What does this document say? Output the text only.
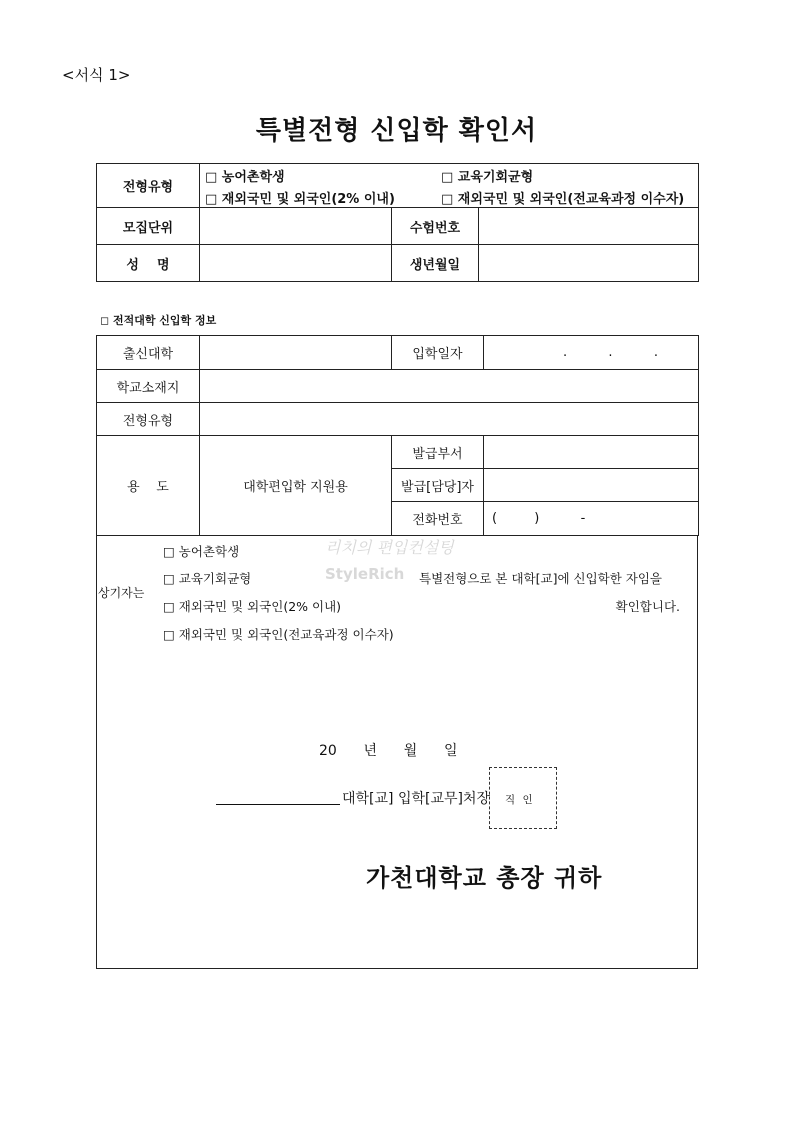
<서식 1>
특별전형 신입학 확인서
전형유형	□ 농어촌학생 □ 교육기회균형
□ 재외국민 및 외국인(2% 이내) □ 재외국민 및 외국인(전교육과정 이수자)		

모집단위		수험번호	
성    명		생년월일	
◻ 전적대학 신입학 정보
출신대학		입학일자	.          .          .
학교소재지			
전형유형			
용    도	대학편입학 지원용	발급부서	
		발급[담당]자	
		전화번호	(         )          -
상기자는
□ 농어촌학생
□ 교육기회균형
□ 재외국민 및 외국인(2% 이내)
□ 재외국민 및 외국인(전교육과정 이수자)
리치의 편입컨설팅
StyleRich 특별전형으로 본 대학[교]에 신입학한 자임을
확인합니다.
20      년      월      일
대학[교] 입학[교무]처장 직 인
가천대학교 총장 귀하
